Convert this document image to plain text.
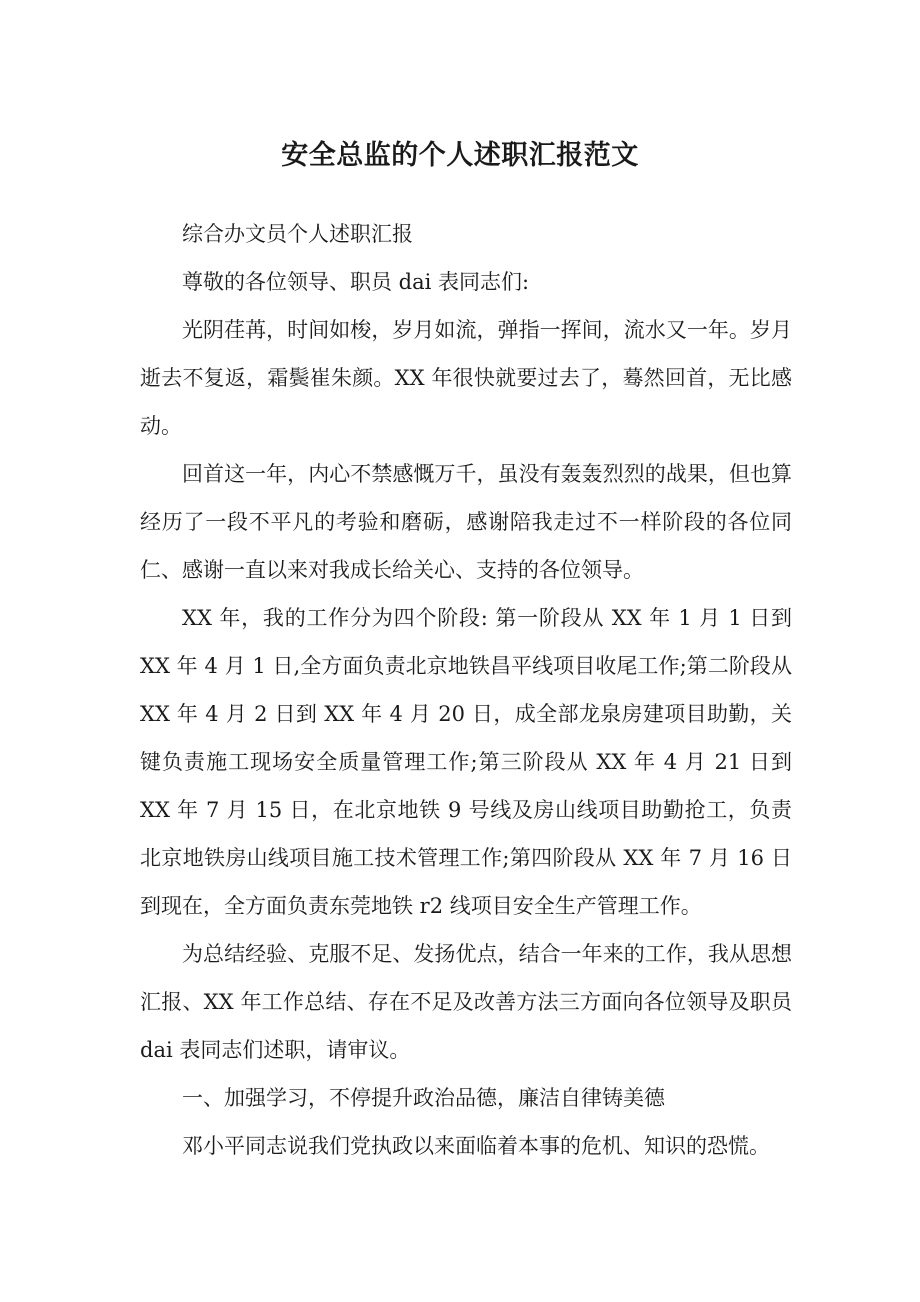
安全总监的个人述职汇报范文

综合办文员个人述职汇报

尊敬的各位领导、职员 dai 表同志们:

光阴荏苒，时间如梭，岁月如流，弹指一挥间，流水又一年。岁月逝去不复返，霜鬓崔朱颜。XX 年很快就要过去了，蓦然回首，无比感动。

回首这一年，内心不禁感慨万千，虽没有轰轰烈烈的战果，但也算经历了一段不平凡的考验和磨砺，感谢陪我走过不一样阶段的各位同仁、感谢一直以来对我成长给关心、支持的各位领导。

XX 年，我的工作分为四个阶段: 第一阶段从 XX 年 1 月 1 日到 XX 年 4 月 1 日,全方面负责北京地铁昌平线项目收尾工作;第二阶段从 XX 年 4 月 2 日到 XX 年 4 月 20 日，成全部龙泉房建项目助勤，关键负责施工现场安全质量管理工作;第三阶段从 XX 年 4 月 21 日到 XX 年 7 月 15 日，在北京地铁 9 号线及房山线项目助勤抢工，负责北京地铁房山线项目施工技术管理工作;第四阶段从 XX 年 7 月 16 日到现在，全方面负责东莞地铁 r2 线项目安全生产管理工作。

为总结经验、克服不足、发扬优点，结合一年来的工作，我从思想汇报、XX 年工作总结、存在不足及改善方法三方面向各位领导及职员 dai 表同志们述职，请审议。

一、加强学习，不停提升政治品德，廉洁自律铸美德

邓小平同志说我们党执政以来面临着本事的危机、知识的恐慌。
